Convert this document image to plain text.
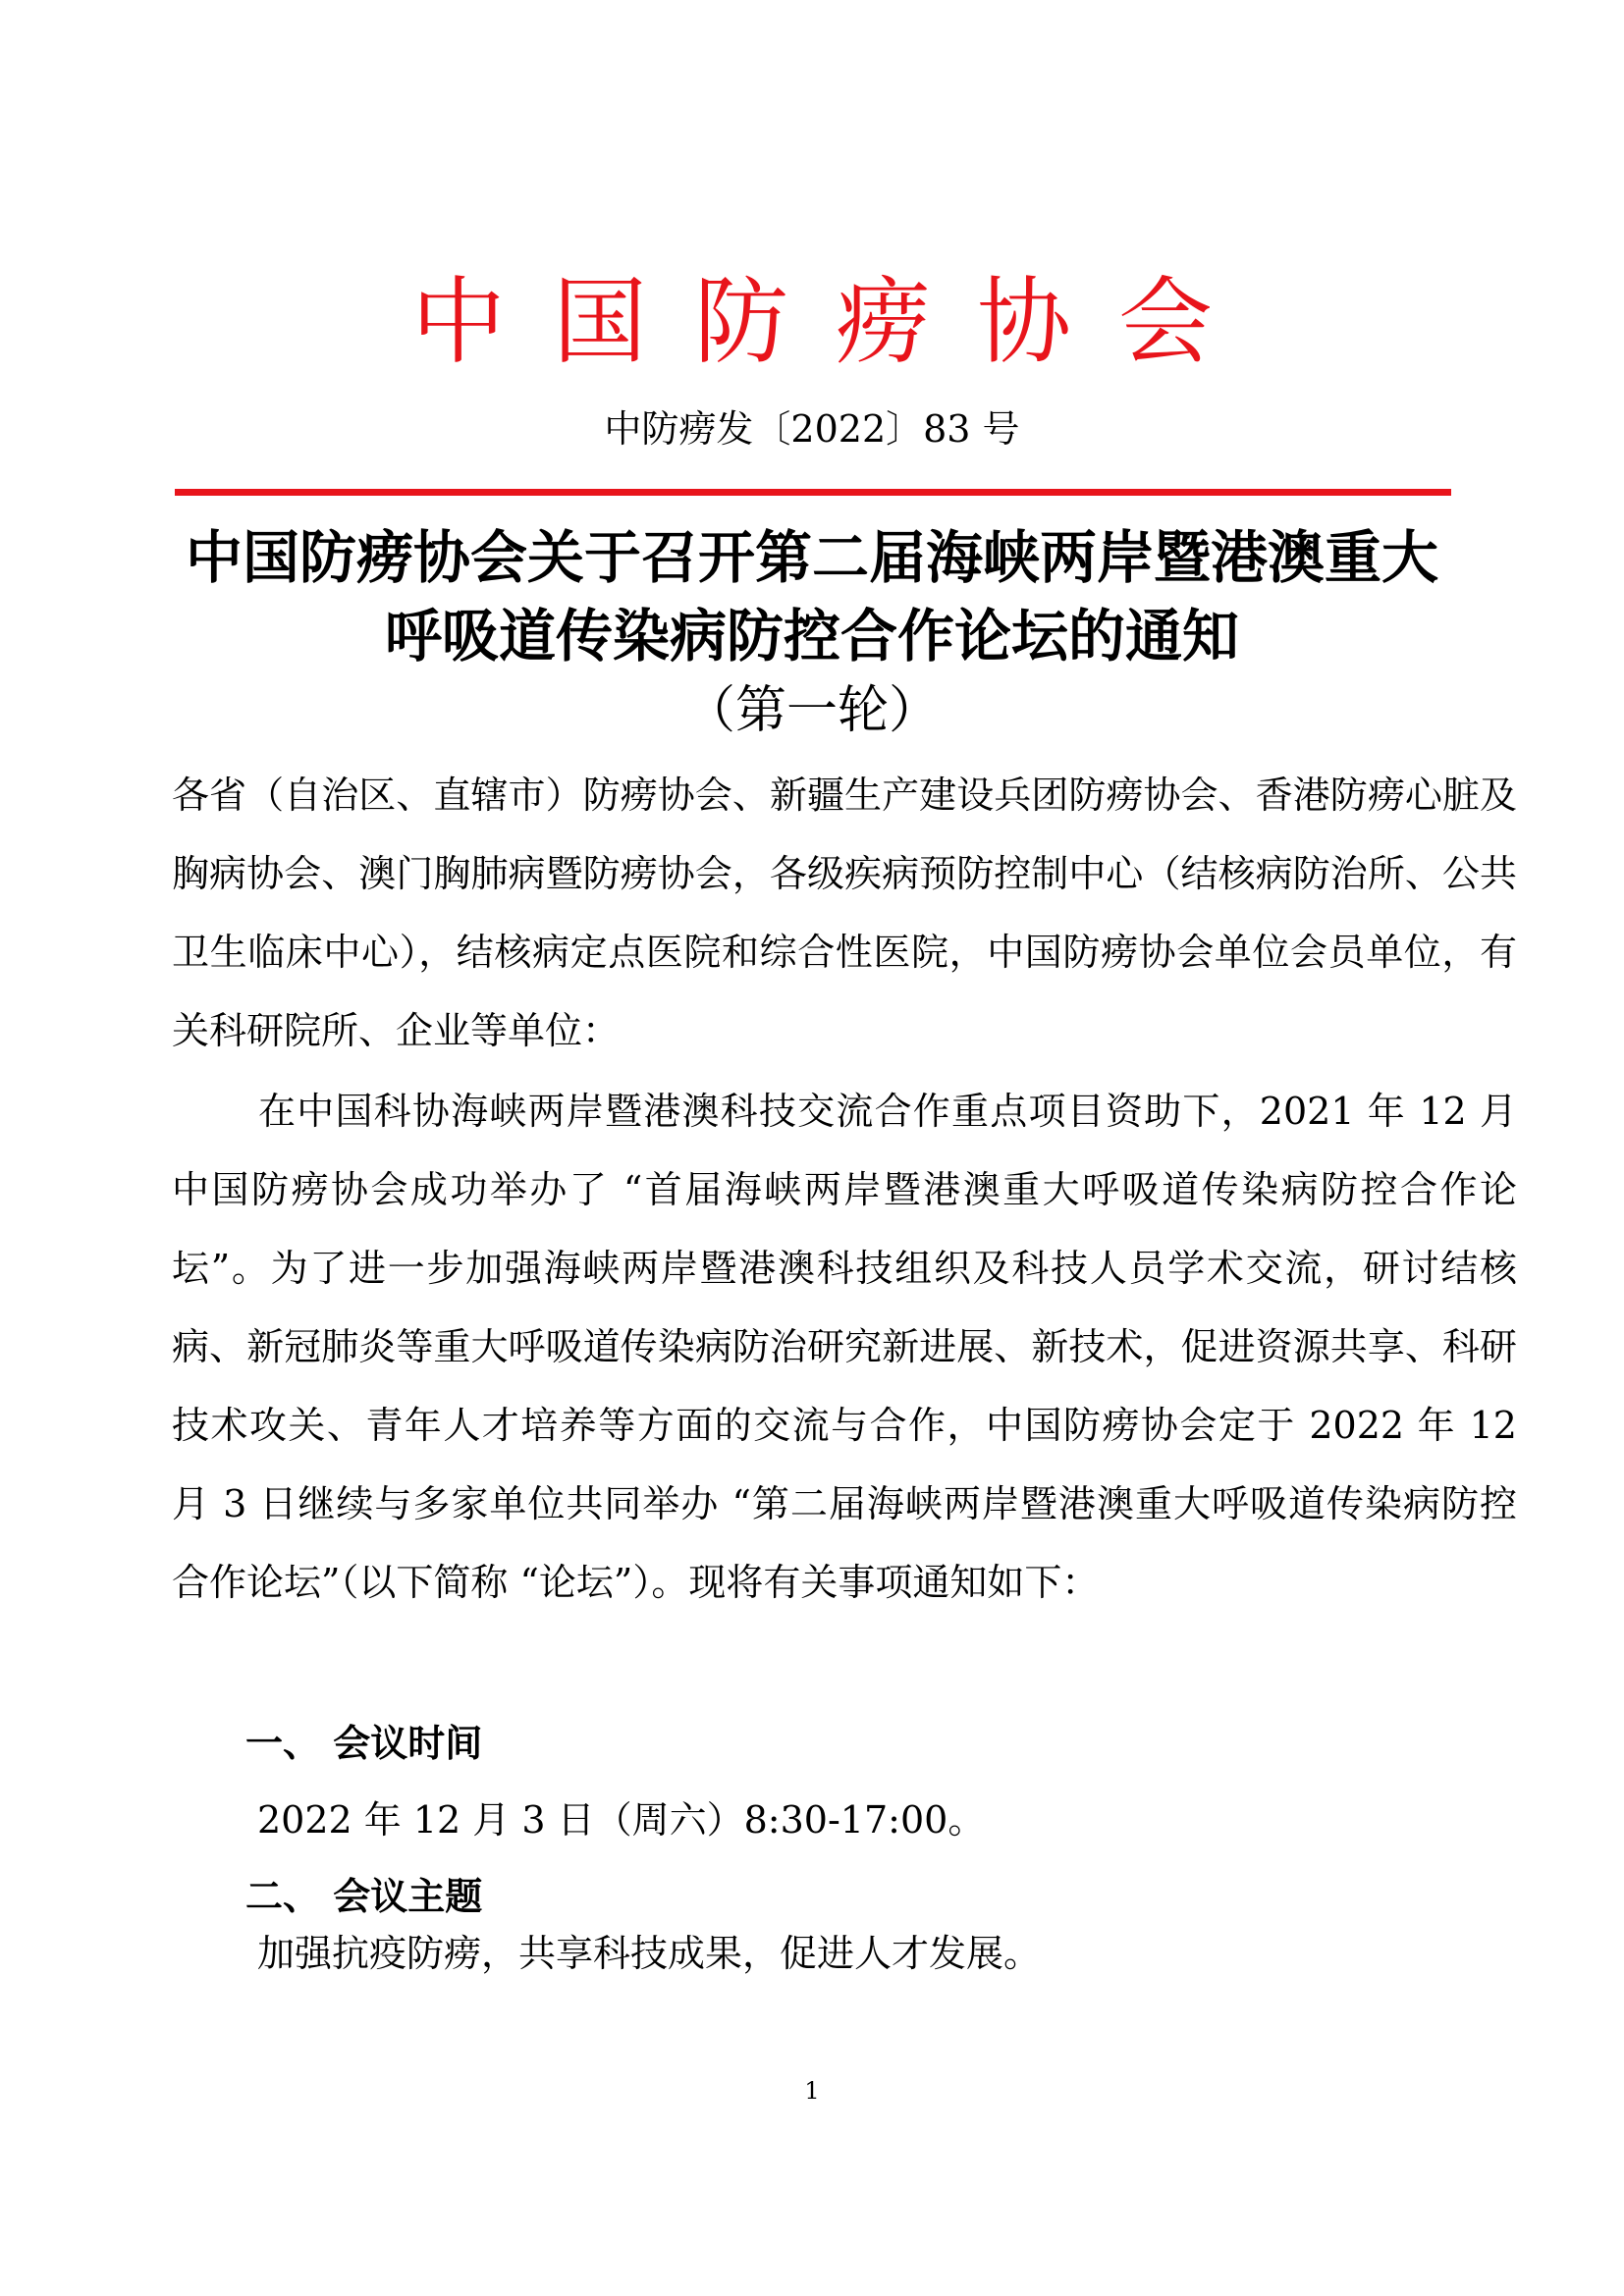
中国防痨协会
中防痨发〔2022〕83 号
中国防痨协会关于召开第二届海峡两岸暨港澳重大
呼吸道传染病防控合作论坛的通知
（第一轮）
各省（自治区、直辖市）防痨协会、新疆生产建设兵团防痨协会、香港防痨心脏及胸病协会、澳门胸肺病暨防痨协会，各级疾病预防控制中心（结核病防治所、公共卫生临床中心），结核病定点医院和综合性医院，中国防痨协会单位会员单位，有关科研院所、企业等单位：
在中国科协海峡两岸暨港澳科技交流合作重点项目资助下，2021 年 12 月中国防痨协会成功举办了 “首届海峡两岸暨港澳重大呼吸道传染病防控合作论坛”。为了进一步加强海峡两岸暨港澳科技组织及科技人员学术交流，研讨结核病、新冠肺炎等重大呼吸道传染病防治研究新进展、新技术，促进资源共享、科研技术攻关、青年人才培养等方面的交流与合作，中国防痨协会定于 2022 年 12 月 3 日继续与多家单位共同举办 “第二届海峡两岸暨港澳重大呼吸道传染病防控合作论坛”（以下简称 “论坛”）。现将有关事项通知如下：
一、 会议时间
2022 年 12 月 3 日（周六）8:30-17:00。
二、 会议主题
加强抗疫防痨，共享科技成果，促进人才发展。
1
